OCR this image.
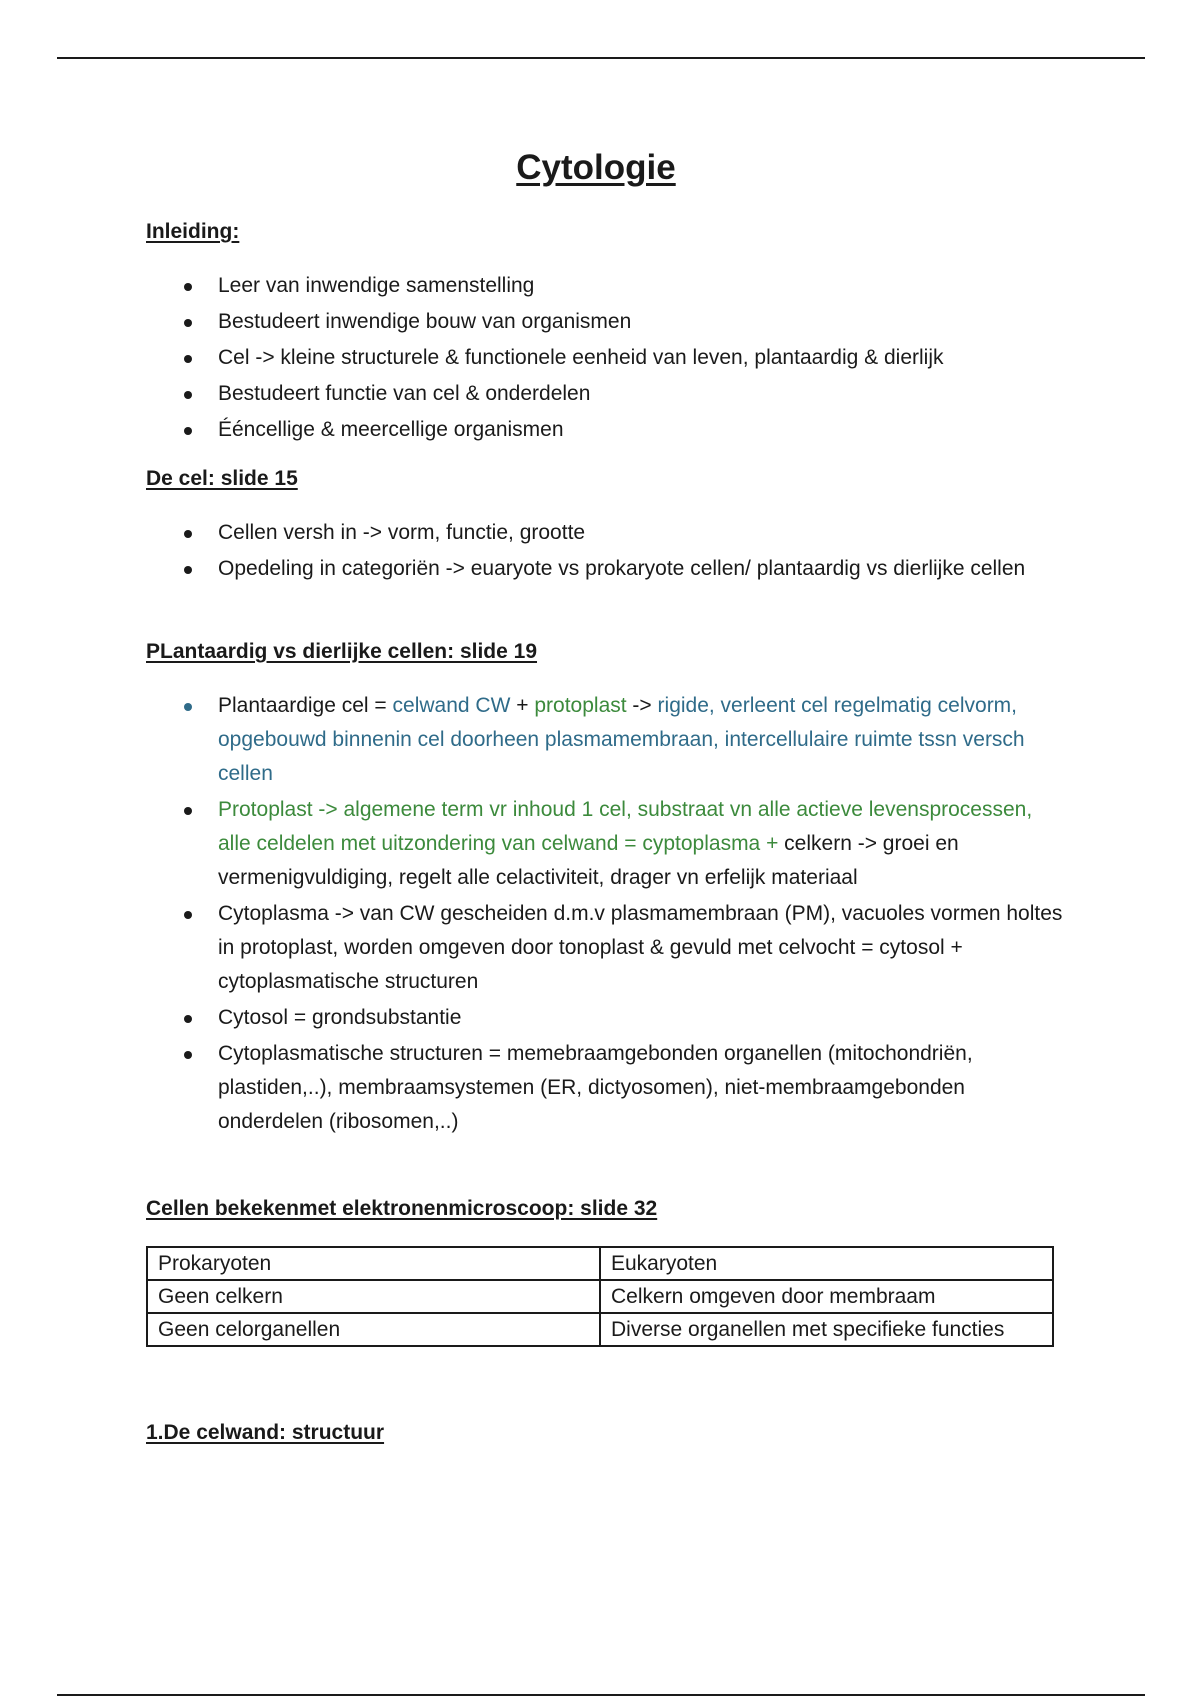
Cytologie
Inleiding:
Leer van inwendige samenstelling
Bestudeert inwendige bouw van organismen
Cel -> kleine structurele & functionele eenheid van leven, plantaardig & dierlijk
Bestudeert functie van cel & onderdelen
Ééncellige & meercellige organismen
De cel: slide 15
Cellen versh in -> vorm, functie, grootte
Opedeling in categoriën -> euaryote vs prokaryote cellen/ plantaardig vs dierlijke cellen
PLantaardig vs dierlijke cellen: slide 19
Plantaardige cel = celwand CW + protoplast -> rigide, verleent cel regelmatig celvorm, opgebouwd binnenin cel doorheen plasmamembraan, intercellulaire ruimte tssn versch cellen
Protoplast -> algemene term vr inhoud 1 cel, substraat vn alle actieve levensprocessen, alle celdelen met uitzondering van celwand = cyptoplasma + celkern -> groei en vermenigvuldiging, regelt alle celactiviteit, drager vn erfelijk materiaal
Cytoplasma -> van CW gescheiden d.m.v plasmamembraan (PM), vacuoles vormen holtes in protoplast, worden omgeven door tonoplast & gevuld met celvocht = cytosol + cytoplasmatische structuren
Cytosol = grondsubstantie
Cytoplasmatische structuren = memebraamgebonden organellen (mitochondriën, plastiden,..), membraamsystemen (ER, dictyosomen), niet-membraamgebonden onderdelen (ribosomen,..)
Cellen bekekenmet elektronenmicroscoop: slide 32
Prokaryoten	Eukaryoten
Geen celkern	Celkern omgeven door membraam
Geen celorganellen	Diverse organellen met specifieke functies
1.De celwand: structuur
